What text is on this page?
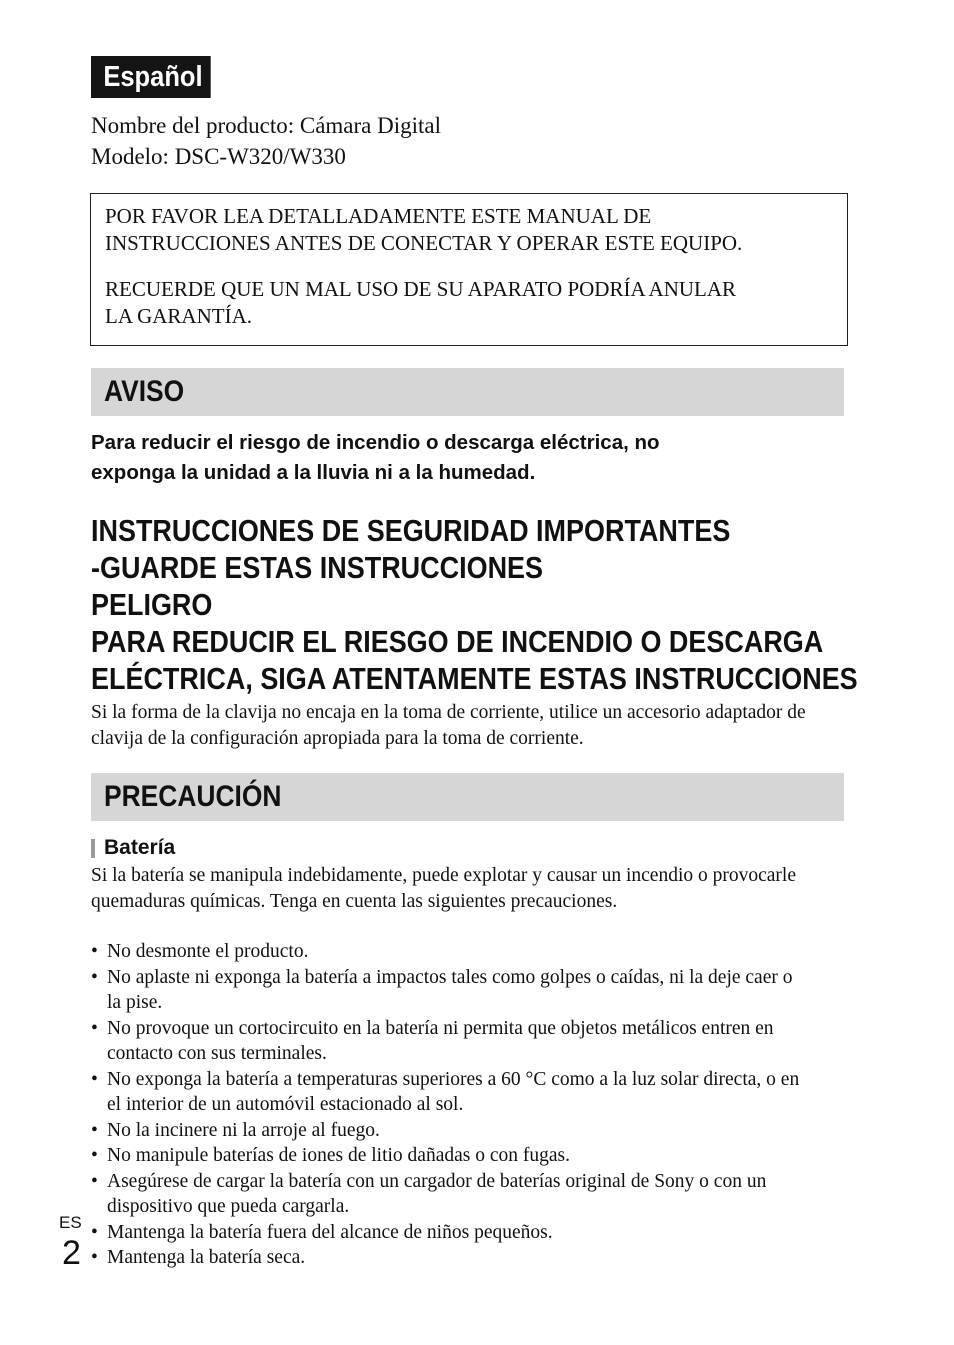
Español
Nombre del producto: Cámara Digital
Modelo: DSC-W320/W330

POR FAVOR LEA DETALLADAMENTE ESTE MANUAL DE
INSTRUCCIONES ANTES DE CONECTAR Y OPERAR ESTE EQUIPO.

RECUERDE QUE UN MAL USO DE SU APARATO PODRÍA ANULAR
LA GARANTÍA.

AVISO
Para reducir el riesgo de incendio o descarga eléctrica, no
exponga la unidad a la lluvia ni a la humedad.
INSTRUCCIONES DE SEGURIDAD IMPORTANTES
-GUARDE ESTAS INSTRUCCIONES
PELIGRO
PARA REDUCIR EL RIESGO DE INCENDIO O DESCARGA
ELÉCTRICA, SIGA ATENTAMENTE ESTAS INSTRUCCIONES
Si la forma de la clavija no encaja en la toma de corriente, utilice un accesorio adaptador de
clavija de la configuración apropiada para la toma de corriente.
PRECAUCIÓN
Batería
Si la batería se manipula indebidamente, puede explotar y causar un incendio o provocarle
quemaduras químicas. Tenga en cuenta las siguientes precauciones.
• No desmonte el producto.
• No aplaste ni exponga la batería a impactos tales como golpes o caídas, ni la deje caer o
la pise.
• No provoque un cortocircuito en la batería ni permita que objetos metálicos entren en
contacto con sus terminales.
• No exponga la batería a temperaturas superiores a 60 °C como a la luz solar directa, o en
el interior de un automóvil estacionado al sol.
• No la incinere ni la arroje al fuego.
• No manipule baterías de iones de litio dañadas o con fugas.
• Asegúrese de cargar la batería con un cargador de baterías original de Sony o con un
dispositivo que pueda cargarla.
• Mantenga la batería fuera del alcance de niños pequeños.
• Mantenga la batería seca.
ES
2
